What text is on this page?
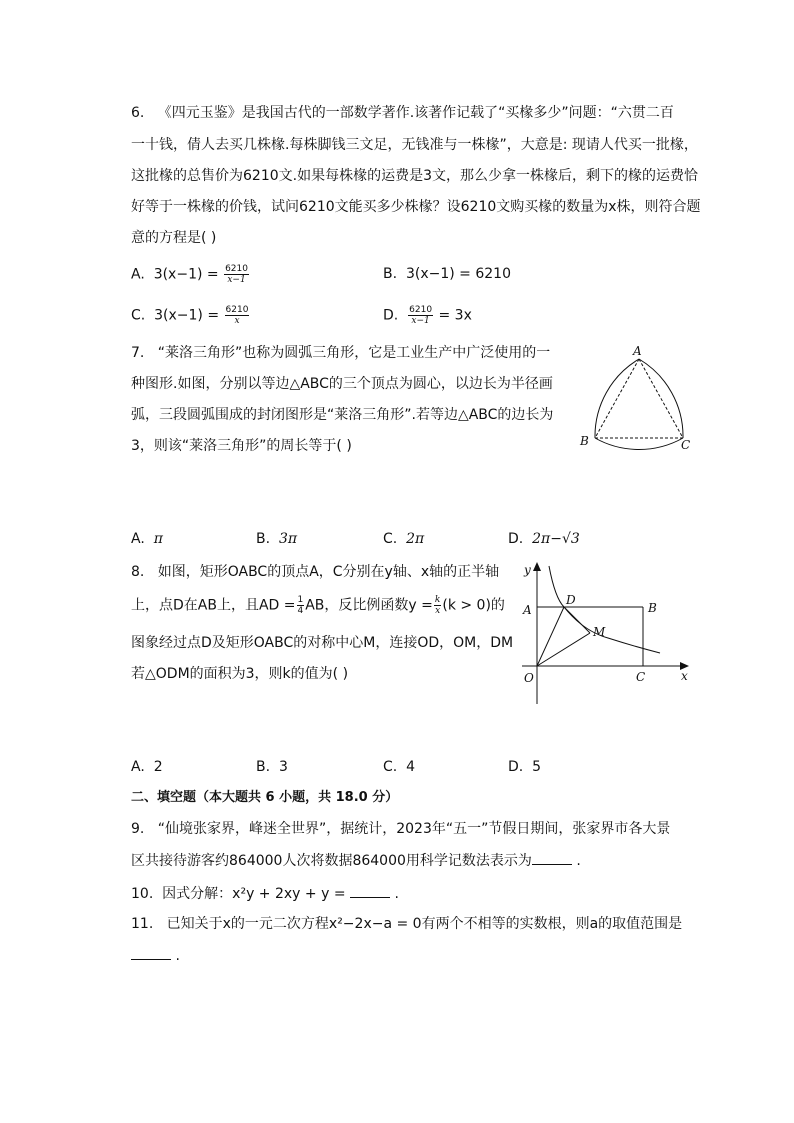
6. 《四元玉鉴》是我国古代的一部数学著作.该著作记载了“买椽多少”问题：“六贯二百
一十钱，倩人去买几株椽.每株脚钱三文足，无钱准与一株椽”，大意是: 现请人代买一批椽，
这批椽的总售价为6210文.如果每株椽的运费是3文，那么少拿一株椽后，剩下的椽的运费恰
好等于一株椽的价钱，试问6210文能买多少株椽？设6210文购买椽的数量为x株，则符合题
意的方程是( )
A. $3(x-1) = \frac{6210}{x-1}$	B. 3(x−1) = 6210
C. $3(x-1) = \frac{6210}{x}$	D. $\frac{6210}{x-1} = 3x$
7. “莱洛三角形”也称为圆弧三角形，它是工业生产中广泛使用的一
种图形.如图，分别以等边△ABC的三个顶点为圆心，以边长为半径画
弧，三段圆弧围成的封闭图形是“莱洛三角形”.若等边△ABC的边长为
3，则该“莱洛三角形”的周长等于( )
A
B	C
A. π	B. 3π	C. 2π	D. 2π−√3
8. 如图，矩形OABC的顶点A，C分别在y轴、x轴的正半轴
上，点D在AB上，且AD = $\frac{1}{4}$ AB，反比例函数$y = \frac{k}{x} (k > 0)$的
图象经过点D及矩形OABC的对称中心M，连接OD，OM，DM
若△ODM的面积为3，则k的值为( )
y
x
O
A	B
C
D
M
A. 2	B. 3	C. 4	D. 5
二、填空题（本大题共 6 小题，共 18.0 分）
9. “仙境张家界，峰迷全世界”，据统计，2023年“五一”节假日期间，张家界市各大景
区共接待游客约864000人次将数据864000用科学记数法表示为	.
10. 因式分解：x²y + 2xy + y =	.
11. 已知关于x的一元二次方程x²−2x−a = 0有两个不相等的实数根，则a的取值范围是
.
